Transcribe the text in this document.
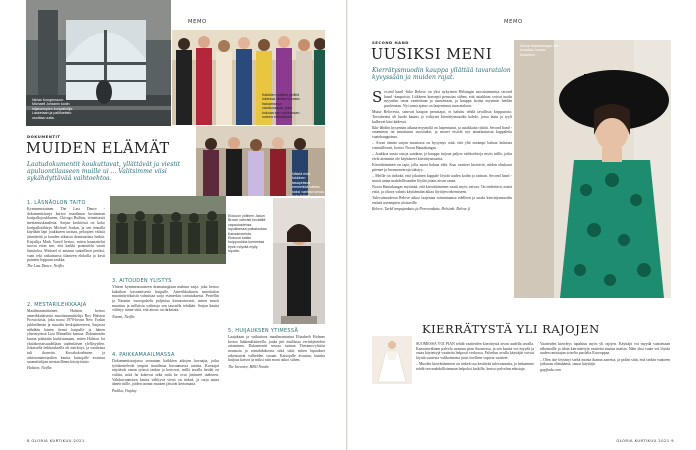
Niclas Kongensson: Michaell Jordanin kodin hiljaisempien koripalloilija Lasketaan ja palliluettelo osoittaa uutta.
Kaikkien mallien pellillä lukiessa rantaa kuvasta haluamansa valokuvaajaa, joka kokoaa sen nimikansan uuteen elämäänsä.
MEMO
Näistä rinki-tukkinen tasapelissä emmelkkä valtasi kaksi vanhaa sanaa kuin kulkee.
DOKUMENTIT
MUIDEN ELÄMÄT
Laatudokumentit koukuttavat, yllättävät ja viestit apuluontilaaseen muille ui ... Valitsimme viisi sykähdyttävää vaihtoehtoa.
1. LÄSNÄOLON TAITO

Kymmenosainen The Last Dance -dokumenttisarja kertoo maailman kovimman koripallojoukkueen, Chicago Bullsin, viimeisestä mestaruuskaudesta. Sarjan keskiössä on koko koripallotähteys Michael Jordan, ja sen rinnalla käydään läpi joukkueen tarinaa, pelaajien välisiä jännitteitä ja kauden aikaisia dramaattisia hetkiä. Kirjailija Mark Vancil kertoo, miten haastattelut tuovat esiin sen, että kaikki ponnistelu vaatii läsnäoloa. Michael ei antanut tunteilleen periksi, vaan teki ratkaisunsa tilanteen ehdoilla ja kesti paineen loppuun saakka.

The Last Dance, Netflix

2. MESTARILEIKKAAJA

Maailmanmittainen Halston kertoo amerikkalaisesta muotisuunnittelija Roy Halston Frowickista, joka nousi 1970-luvun New Yorkin juhlaelämän ja muodin keskipisteeseen. Sarjassa nähdään hänen tiensä huipulle ja hänen yhteistyönsä Liza Minnellin kanssa. Dokumentin kautta päästään kurkistamaan, miten Halston loi yksinkertaisuudellaan uudenlaisen ylellisyyden. Jokaisella leikkauksella oli merkitys, ja vaatteista tuli ikoneita. Kuvakokoelmien ja arkistomateriaalien kautta katsojalle avautuu suunnittelijan mestarillinen käsityötaito.

Halston, Netflix

Elokuun yöllinen Jason Brown vahvisti keväällä vapautustensa lopullisessa poikaluokan Kansanomista.
Elokuun kaikki huippuuhkia komentaa hyvin nöyrää mylly lopulta.
3. AITOUDEN YLISTYS

Yhteen kymmenosaiseen dramaturgiaan mahtuu sarja, joka kertoo kaksikon kasvamisesta huipulle. Amerikkalaisen muotitalon muotinäytöksistä valmistaa sarja esimerkin toimituksesta. Petrellin ja Naomin vuoropuhelu paljastaa kiinnostavasti, miten muoti muuttuu ja millaisia valintoja sen taustalla tehdään. Sarjan kautta välittyy tunne siitä, että aitous on tärkeintä.

Naomi, Netflix

4. PAIKKAMAAILMASSA

Dokumenttisarjassa seurataan kaikkien aikojen kuvaajia, jotka työskentelevät ympäri maailmaa kuvaamassa uutisia. Kuvaajat näyttävät oman työnsä taakse ja kertovat, millä tavalla heidät on valittu, mitä he kokevat sekä mitä he ovat jättäneet taakseen. Valokuvaamisen kautta välittyvä viesti on tärkeä, ja sarja antaa äänen niille, joiden tarinat muuten jäisivät kertomatta.

Paikka, Viaplay

5. HUIJAUKSEN YTIMESSÄ

Laajakaan ja vaikuttava maailmantarina Elizabeth Holmes kertoo lääkintälaitteella, jonka piti mullistaa verinäytteiden ottaminen. Dokumentti seuraa tarinaa Theranos-yhtiön noususta ja romahduksesta sekä siitä, miten lupaukset rakentuivat valheiden varaan. Katsojalle avautuu, kuinka huijaus kasvoi ja miksi niin moni uskoi siihen.

The Inventor, HBO Nordic

8 GLORIA KURTIKUU 2021
MEMO
SECOND HAND
UUSIKSI MENI
Kierrätysmuodin kauppa yllättää tavaratalon kyvyssään ja muiden rajat.
Noora Hautakangas luki suosiota Joonas Koskinen.

Second hand -liike Relove on yksi nykyisten Helsingin suosituimmista second hand -kaupoista. Liikkeen konsepti perustuu siihen, että asiakkaat voivat tuoda myyntiin omia vaatteitaan ja asusteitaan, ja kauppa hoitaa myynnin heidän puolestaan. Nyt sama ajatus on laajentunut tavarataloon.

Mutta Relovesta, sanovat kaupan perustajat, ei haluttu tehdä tavallista kirpputoria. Tavoitteena oli luoda kaunis ja viihtyisä kierrätysmuodin kohde, jossa laatu ja tyyli kulkevat käsi kädessä.

Ikki-lähdön kysynnän aikana myymälä on laajentunut, ja asiakkaita riittää. Second hand -ostaminen on muuttunut suosituksi, ja monet etsivät nyt ainutlaatuisia kappaleita vaatekaappiinsa.

– Aivan tämän sarjan muutossa on kysymys siitä, että yhä useampi haluaa kuluttaa vastuullisesti, kertoo Noora Hautakangas.

– Joukkoa uusia ostoja saadaan, ja kauppa tarjoaa paljon vaihtoehtoja myös niille, jotka eivät aiemmin ole käyttäneet kierrätysmuotia.

Kierrättäminen on tapa, jolla moni haluaa elää. Kun vaatteet kiertävät, niiden elinkaari pitenee ja luonnonvaroja säästyy.

– Meille on tärkeää, että jokainen kappale löytää uuden kodin ja tarinan. Second hand -muoti antaa mahdollisuuden löytää jotain aivan omaa.

Noora Hautakangas myöntää, että kierrättäminen vaatii myös vaivaa. On tiedettävä, mistä etsiä, ja oltava valmis käyttämään aikaa löytöjen tekemiseen.

Tulevaisuudessa Relove aikoo laajentaa toimintaansa edelleen ja tuoda kierrätysmuodin entistä useampien ulottuville.

Relove, Tarkk'ampujankatu ja Porvoonkatu, Helsinki. Relove.fi

KIERRÄTYSTÄ YLI RAJOJEN

SUOMESSA VOI PIAN tehdä vaatteiden kierrätystä aivan uudella tavalla. Kansainvälinen palvelu avautuu pian Suomessa, ja sen kautta voi myydä ja ostaa käytettyjä vaatteita helposti verkossa. Palvelun avulla käyttäjät voivat löytää suuresta valikoimasta juuri itselleen sopivat vaatteet.

– Muodin kierrättäminen on tärkeä osa kestävää tulevaisuutta, ja haluamme tehdä sen mahdollisimman helpoksi kaikille, kertoo palvelun edustaja.

Vaatteiden kierrätys tapahtuu myös yli rajojen. Käyttäjä voi myydä vaatteitaan ulkomaille ja tilata kierrätettyjä vaatteita muista maista. Näin yksi vaate voi löytää uuden omistajan toiselta puolelta Eurooppaa.

– Olen itse löytänyt sieltä monta ihanaa aarretta, ja pidän siitä, että tiedän vaatteen jatkavan elämäänsä, sanoo käyttäjä.

gapfinds.com

GLORIA KURTIKUU 2021 9
